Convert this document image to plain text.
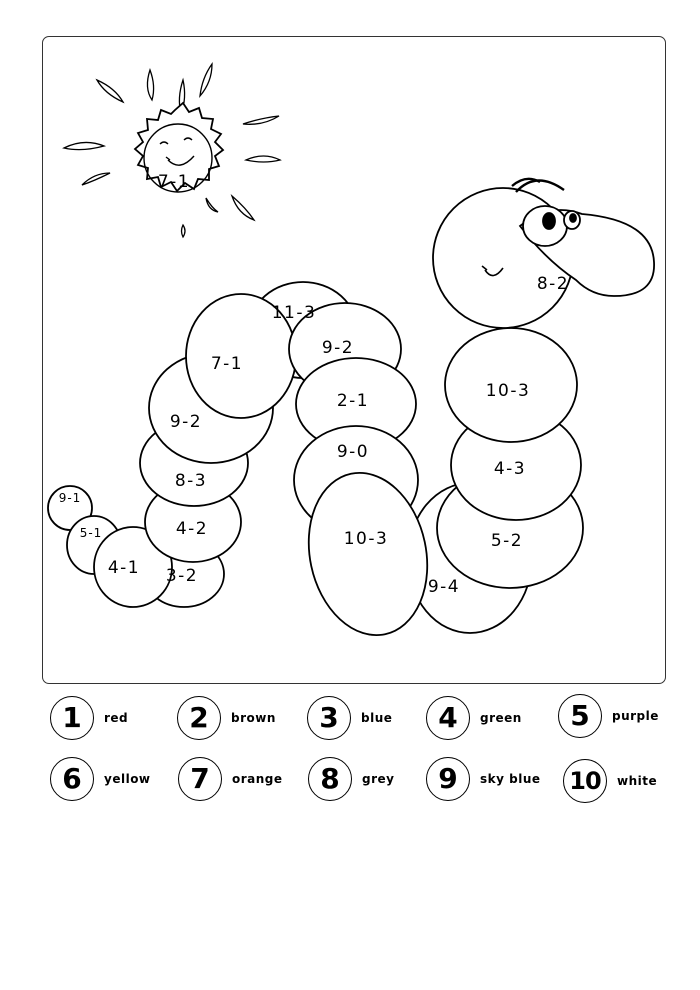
7-1
9-1
5-1
4-1 3-2
4-2
8-3
9-2
7-1
11-3
9-2
2-1
9-0
10-3
9-4
5-2
4-3
10-3
8-2
1	red	2	brown	3	blue	4	green	5	purple
6	yellow	7	orange	8	grey	9	sky blue 10	white
